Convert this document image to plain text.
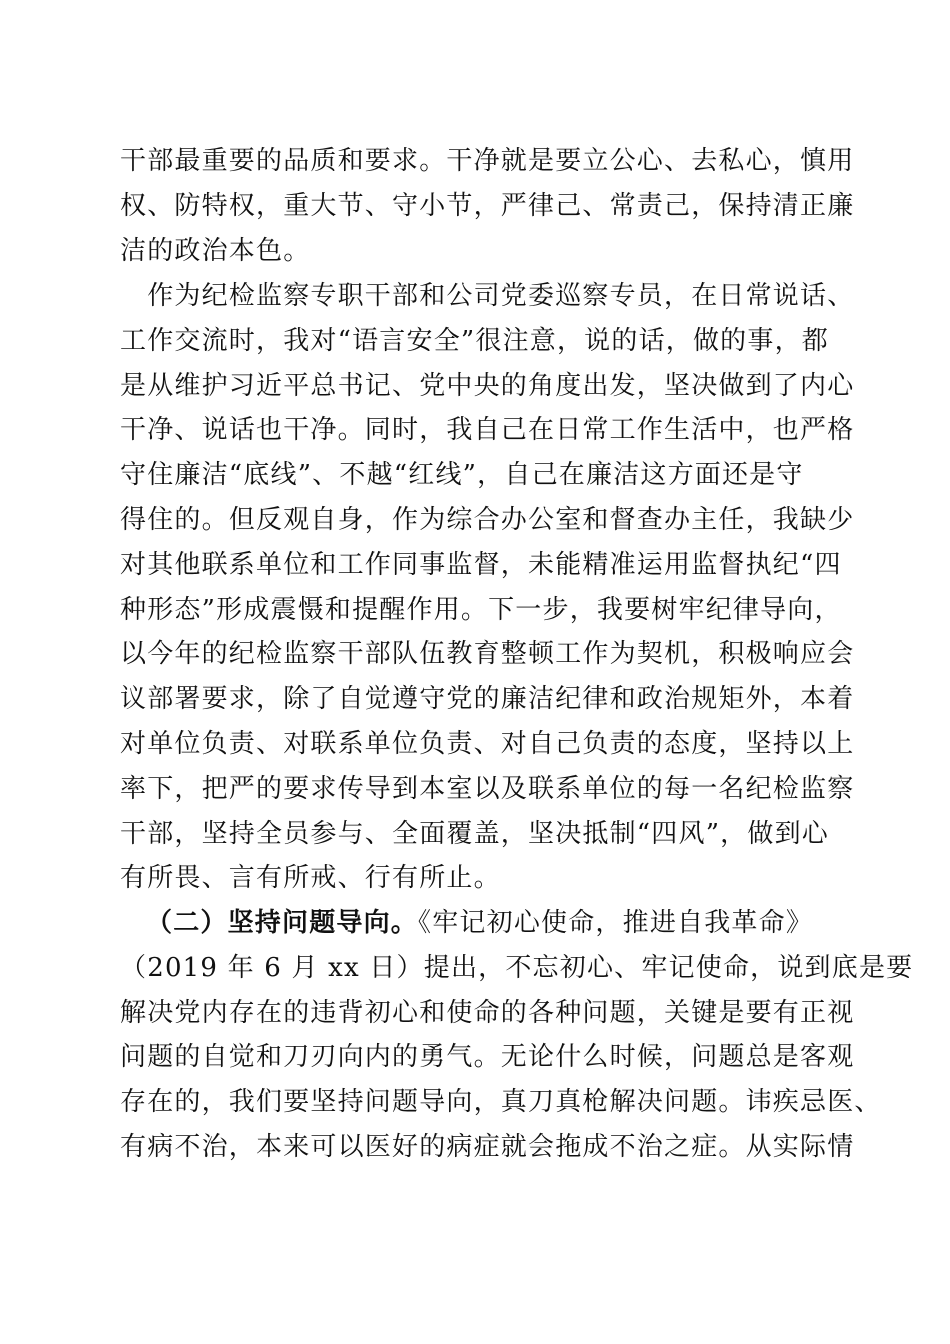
干部最重要的品质和要求。干净就是要立公心、去私心，慎用
权、防特权，重大节、守小节，严律己、常责己，保持清正廉
洁的政治本色。
　作为纪检监察专职干部和公司党委巡察专员，在日常说话、
工作交流时，我对“语言安全”很注意，说的话，做的事，都
是从维护习近平总书记、党中央的角度出发，坚决做到了内心
干净、说话也干净。同时，我自己在日常工作生活中，也严格
守住廉洁“底线”、不越“红线”，自己在廉洁这方面还是守
得住的。但反观自身，作为综合办公室和督查办主任，我缺少
对其他联系单位和工作同事监督，未能精准运用监督执纪“四
种形态”形成震慑和提醒作用。下一步，我要树牢纪律导向，
以今年的纪检监察干部队伍教育整顿工作为契机，积极响应会
议部署要求，除了自觉遵守党的廉洁纪律和政治规矩外，本着
对单位负责、对联系单位负责、对自己负责的态度，坚持以上
率下，把严的要求传导到本室以及联系单位的每一名纪检监察
干部，坚持全员参与、全面覆盖，坚决抵制“四风”，做到心
有所畏、言有所戒、行有所止。
（二）坚持问题导向。《牢记初心使命，推进自我革命》
（2019 年 6 月 xx 日）提出，不忘初心、牢记使命，说到底是要
解决党内存在的违背初心和使命的各种问题，关键是要有正视
问题的自觉和刀刃向内的勇气。无论什么时候，问题总是客观
存在的，我们要坚持问题导向，真刀真枪解决问题。讳疾忌医、
有病不治，本来可以医好的病症就会拖成不治之症。从实际情
